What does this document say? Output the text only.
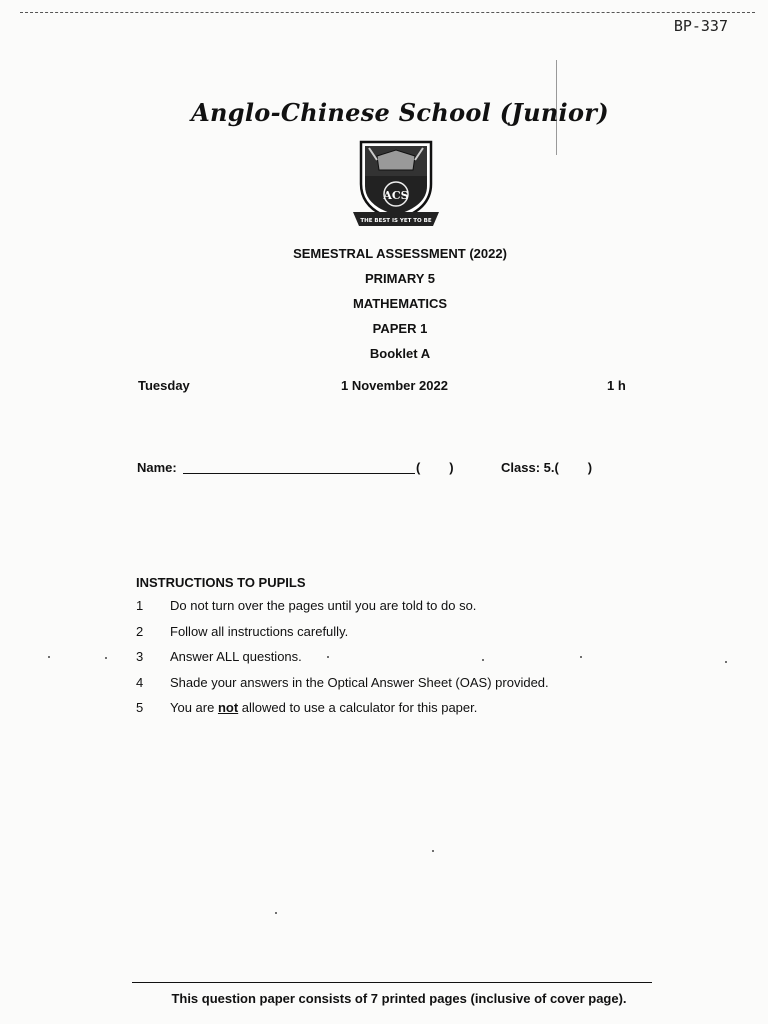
BP-337
Anglo-Chinese School (Junior)
ACS
THE BEST IS YET TO BE
SEMESTRAL ASSESSMENT (2022)
PRIMARY 5
MATHEMATICS
PAPER 1
Booklet A
Tuesday	1 November 2022	1 h
Name:	(        )	Class: 5.(        )
INSTRUCTIONS TO PUPILS
1	Do not turn over the pages until you are told to do so.
2	Follow all instructions carefully.
3	Answer ALL questions.
4	Shade your answers in the Optical Answer Sheet (OAS) provided.
5	You are not allowed to use a calculator for this paper.
This question paper consists of 7 printed pages (inclusive of cover page).
